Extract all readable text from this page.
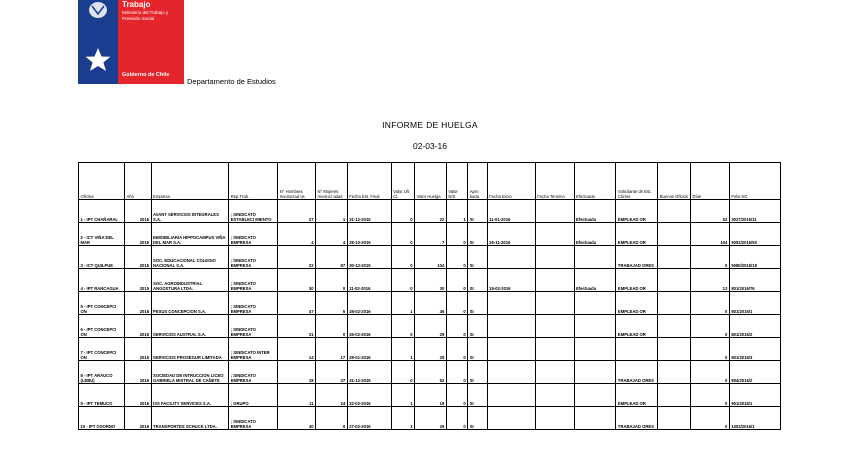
Trabajo
Ministerio del Trabajo y Previsión Social
Gobierno de Chile
Departamento de Estudios
INFORME DE HUELGA
02-03-16
Oficina	Año	Empresa	Rep.Trab.	N° Hombres Involucrad os	N° Mujeres Involucr adas	Fecha Est. Final	Valor Ult. Cl.	Valor Huelga	Valor N/S	Apro bada	Fecha Inicio	Fecha Termino	Efectuada	Solicitante de Est. Cliclos	Buenos Oficios	Días	Folio NC
1 - IPT CHAÑARAL	2015	AVANT SERVICIOS INTEGRALES S.A.	; SINDICATO ESTABLECI MIENTO	27	1	31-12-2015	0	22	1	SI	11-01-2016		Efectuada	EMPLEAD OR		52	3027/2015/11
2 - ICT VIÑA DEL MAR	2015	INMOBILIARIA HIPPOCAMPUS VIÑA DEL MAR S.A.	; SINDICATO EMPRESA	4	4	28-10-2015	0	7	0	SI	26-11-2015		Efectuada	EMPLEAD OR		104	5052/2015/50
3 - ICT QUILPUE	2015	SOC. EDUCACIONAL COLEGIO NACIONAL S.A.	; SINDICATO EMPRESA	22	87	30-12-2015	0	104	0	SI				TRABAJAD ORES		0	5080/2015/18
4 - IPT RANCAGUA	2015	SOC. AGROINDUSTRIAL ANGOSTURA LTDA.	; SINDICATO EMPRESA	30	0	11-02-2016	0	30	0	SI	19-02-2016		Efectuada	EMPLEAD OR		13	801/2016/76
5 - IPT CONCEPCI ON	2016	PESUS CONCEPCION S.A.	; SINDICATO EMPRESA	47	5	28-02-2016	1	46	0	SI				EMPLEAD OR		0	801/2016/1
6 - IPT CONCEPCI ON	2016	SERVICIOS AUSTRAL S.A.	; SINDICATO EMPRESA	31	0	25-02-2016	0	29	0	SI				EMPLEAD OR		0	801/2016/2
7 - IPT CONCEPCI ON	2016	SERVICIOS PROSEGUR LIMITADA	; SINDICATO INTER EMPRESA	14	17	28-01-2016	1	29	0	SI						0	801/2016/3
8 - IPT ARAUCO (LEBU)	2016	SOCIEDAD DE INTRUCCION LICEO GABRIELA MISTRAL DE CAÑETE	; SINDICATO EMPRESA	18	37	31-12-2015	0	52	0	SI				TRABAJAD ORES		0	804/2016/2
9 - IPT TEMUCO	2016	ISS FACILITY SERVICES S.A.	; GRUPO	11	24	22-02-2016	1	19	0	SI				EMPLEAD OR		0	901/2016/1
10 - IPT OSORNO	2016	TRANSPORTES SCHUCK LTDA.	; SINDICATO EMPRESA	30	0	27-02-2016	1	29	0	SI				TRABAJAD ORES		0	1003/2016/1
